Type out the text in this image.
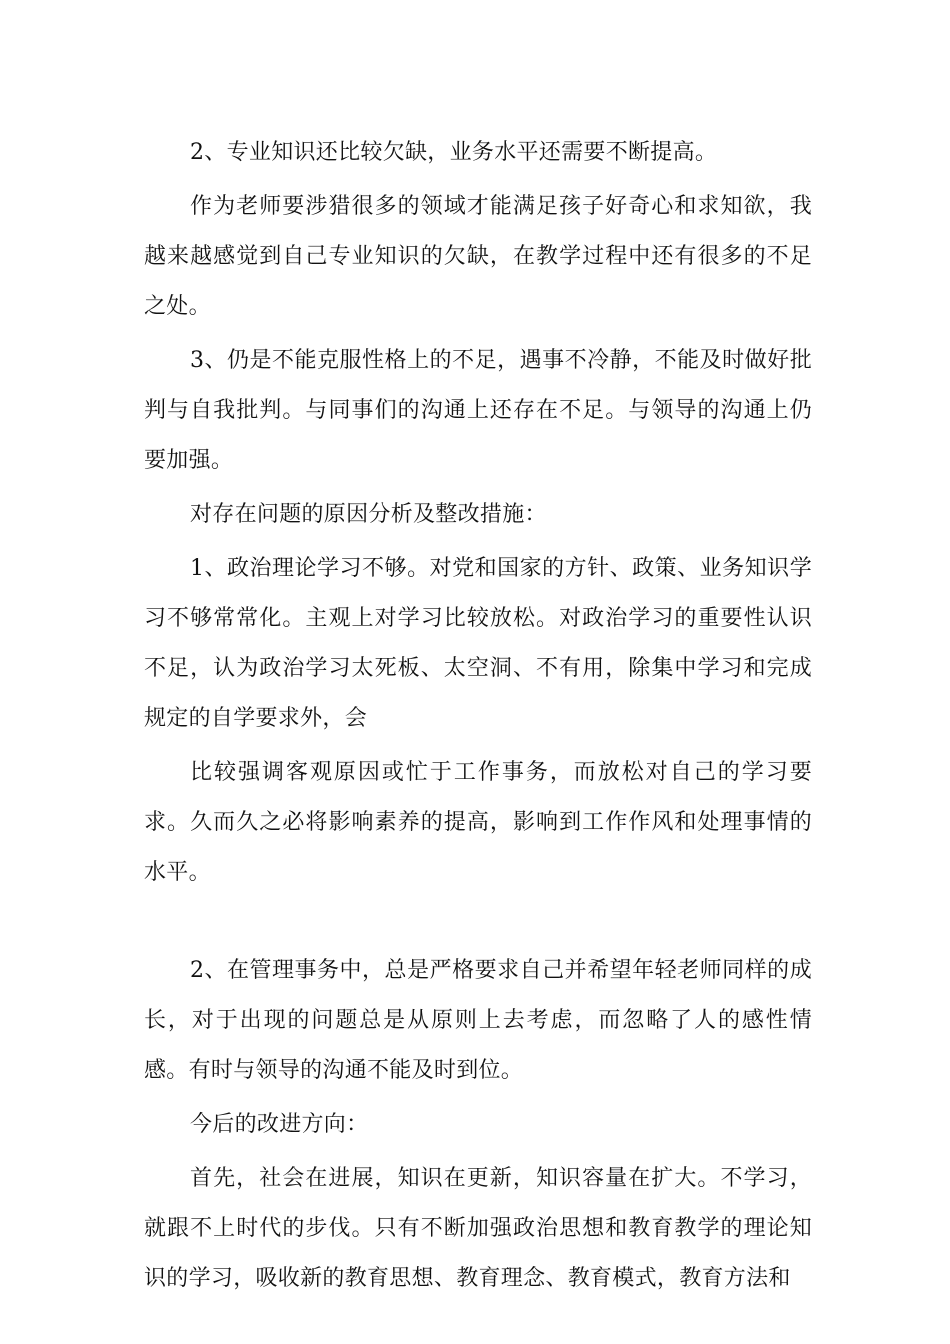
2、专业知识还比较欠缺，业务水平还需要不断提高。

作为老师要涉猎很多的领域才能满足孩子好奇心和求知欲，我越来越感觉到自己专业知识的欠缺，在教学过程中还有很多的不足之处。

3、仍是不能克服性格上的不足，遇事不冷静，不能及时做好批判与自我批判。与同事们的沟通上还存在不足。与领导的沟通上仍要加强。

对存在问题的原因分析及整改措施：

1、政治理论学习不够。对党和国家的方针、政策、业务知识学习不够常常化。主观上对学习比较放松。对政治学习的重要性认识不足，认为政治学习太死板、太空洞、不有用，除集中学习和完成规定的自学要求外，会

比较强调客观原因或忙于工作事务，而放松对自己的学习要求。久而久之必将影响素养的提高，影响到工作作风和处理事情的水平。

2、在管理事务中，总是严格要求自己并希望年轻老师同样的成长，对于出现的问题总是从原则上去考虑，而忽略了人的感性情感。有时与领导的沟通不能及时到位。

今后的改进方向：

首先，社会在进展，知识在更新，知识容量在扩大。不学习，就跟不上时代的步伐。只有不断加强政治思想和教育教学的理论知识的学习，吸收新的教育思想、教育理念、教育模式，教育方法和
